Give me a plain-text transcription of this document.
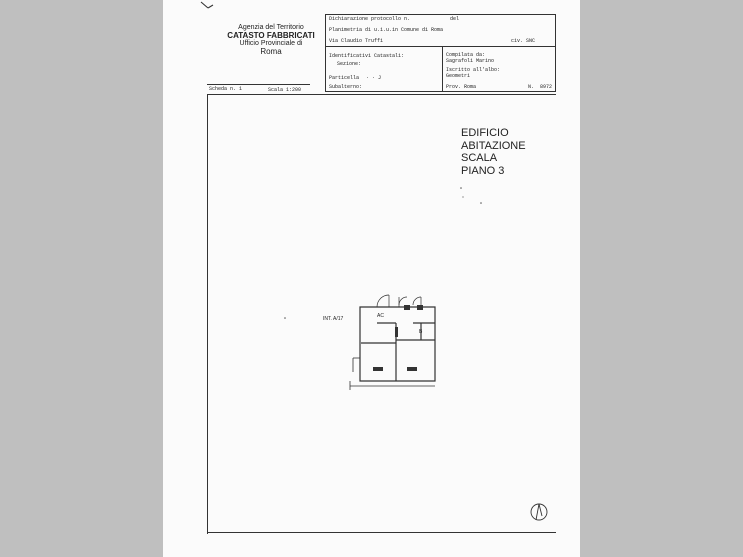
Agenzia del Territorio
CATASTO FABBRICATI
Ufficio Provinciale di
Roma
Dichiarazione protocollo n.	del
Planimetria di u.i.u.in Comune di Roma
Via Claudio Truffi	civ. SNC
Identificativi Catastali:
Sezione:
Particella · · J
Subalterno:
Compilata da:
Sagrafoli Marino
Iscritto all'albo:
Geometri
Prov. Roma	N. 8972
Scheda n. 1	Scala 1:200
EDIFICIO
ABITAZIONE
SCALA
PIANO 3
INT. A/17	AC
B
